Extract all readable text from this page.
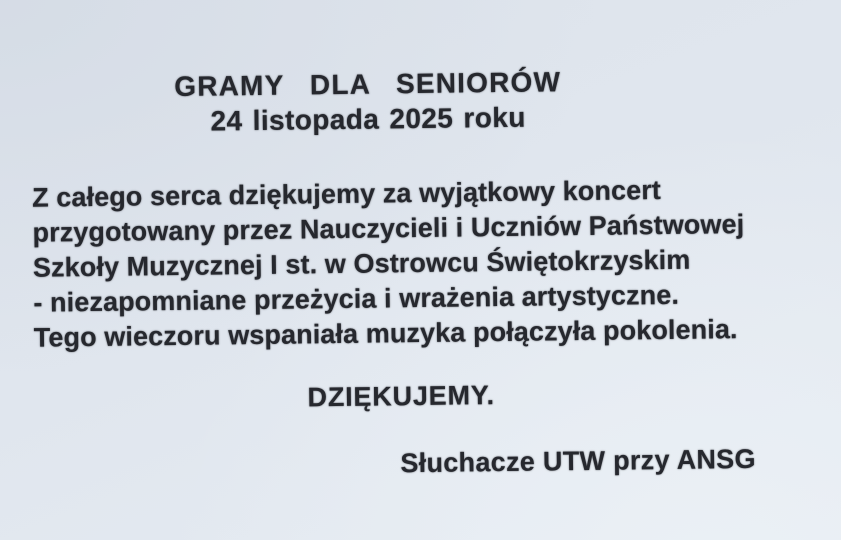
GRAMY DLA SENIORÓW
24 listopada 2025 roku
Z całego serca dziękujemy za wyjątkowy koncert
przygotowany przez Nauczycieli i Uczniów Państwowej
Szkoły Muzycznej I st. w Ostrowcu Świętokrzyskim
- niezapomniane przeżycia i wrażenia artystyczne.
Tego wieczoru wspaniała muzyka połączyła pokolenia.
DZIĘKUJEMY.
Słuchacze UTW przy ANSG
